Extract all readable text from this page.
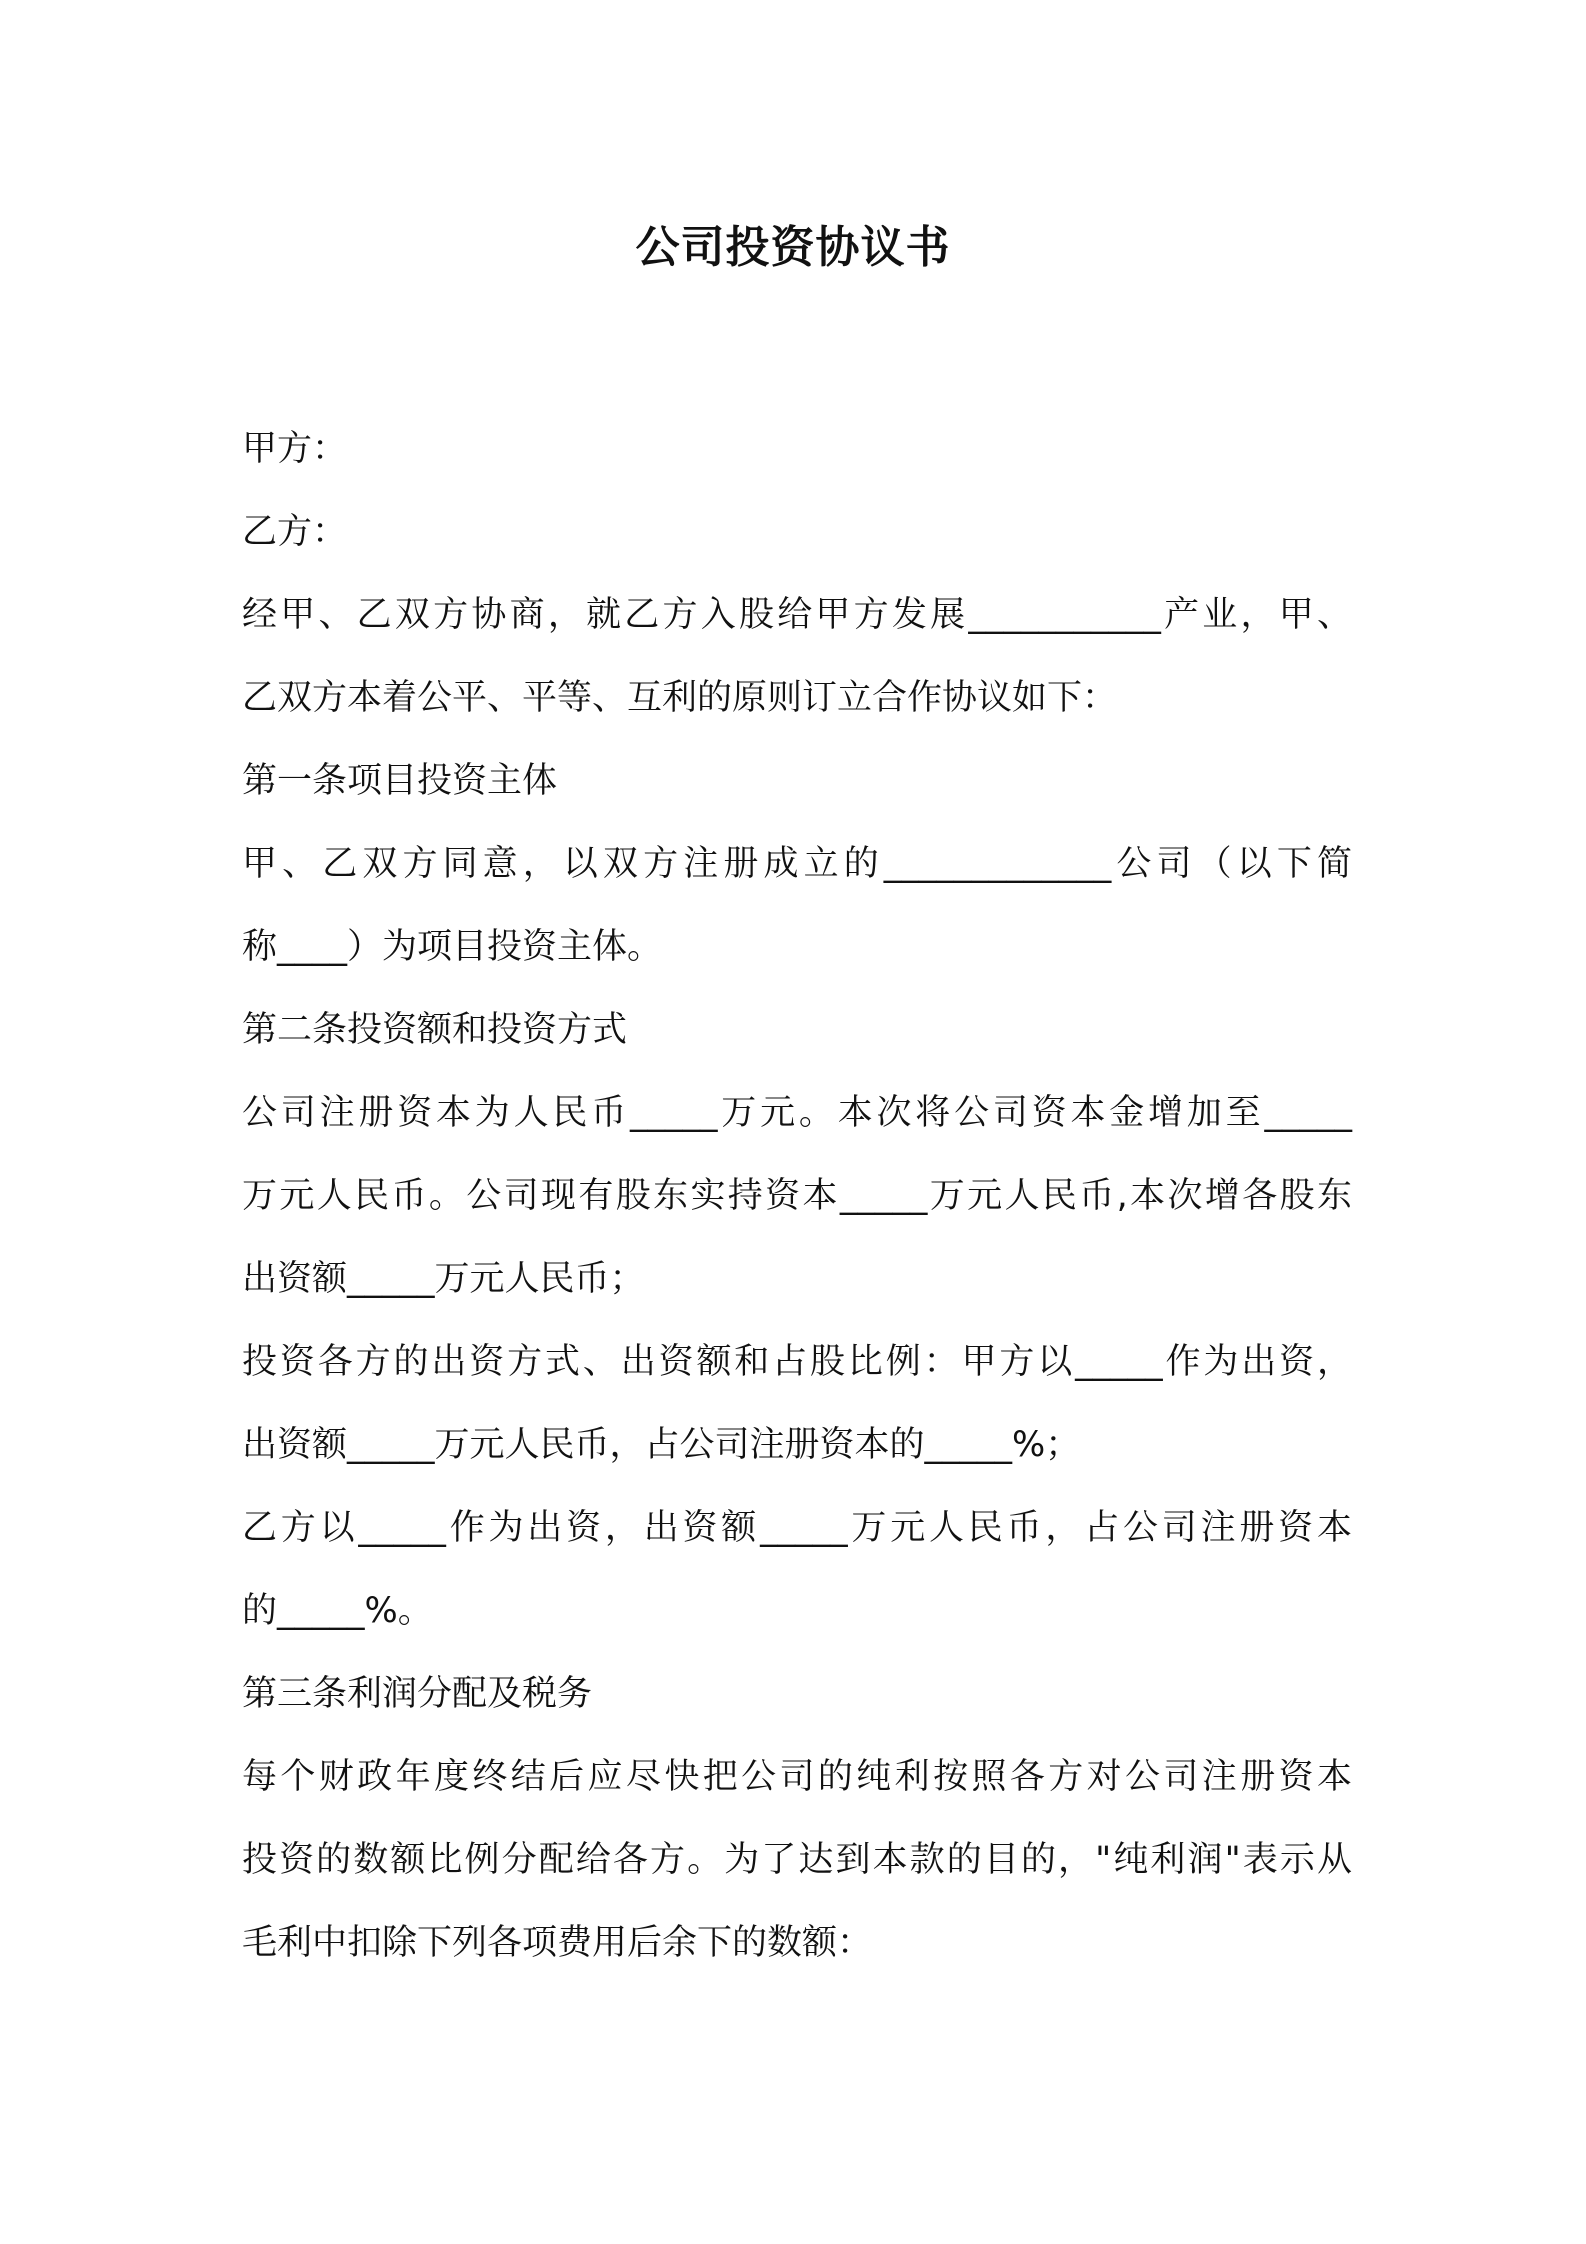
公司投资协议书
甲方：
乙方：
经甲、乙双方协商，就乙方入股给甲方发展___________产业，甲、
乙双方本着公平、平等、互利的原则订立合作协议如下：
第一条项目投资主体
甲、乙双方同意，以双方注册成立的_____________公司（以下简
称____）为项目投资主体。
第二条投资额和投资方式
公司注册资本为人民币_____万元。本次将公司资本金增加至_____
万元人民币。公司现有股东实持资本_____万元人民币,本次增各股东
出资额_____万元人民币；
投资各方的出资方式、出资额和占股比例：甲方以_____作为出资，
出资额_____万元人民币，占公司注册资本的_____%；
乙方以_____作为出资，出资额_____万元人民币，占公司注册资本
的_____%。
第三条利润分配及税务
每个财政年度终结后应尽快把公司的纯利按照各方对公司注册资本
投资的数额比例分配给各方。为了达到本款的目的，"纯利润"表示从
毛利中扣除下列各项费用后余下的数额：
